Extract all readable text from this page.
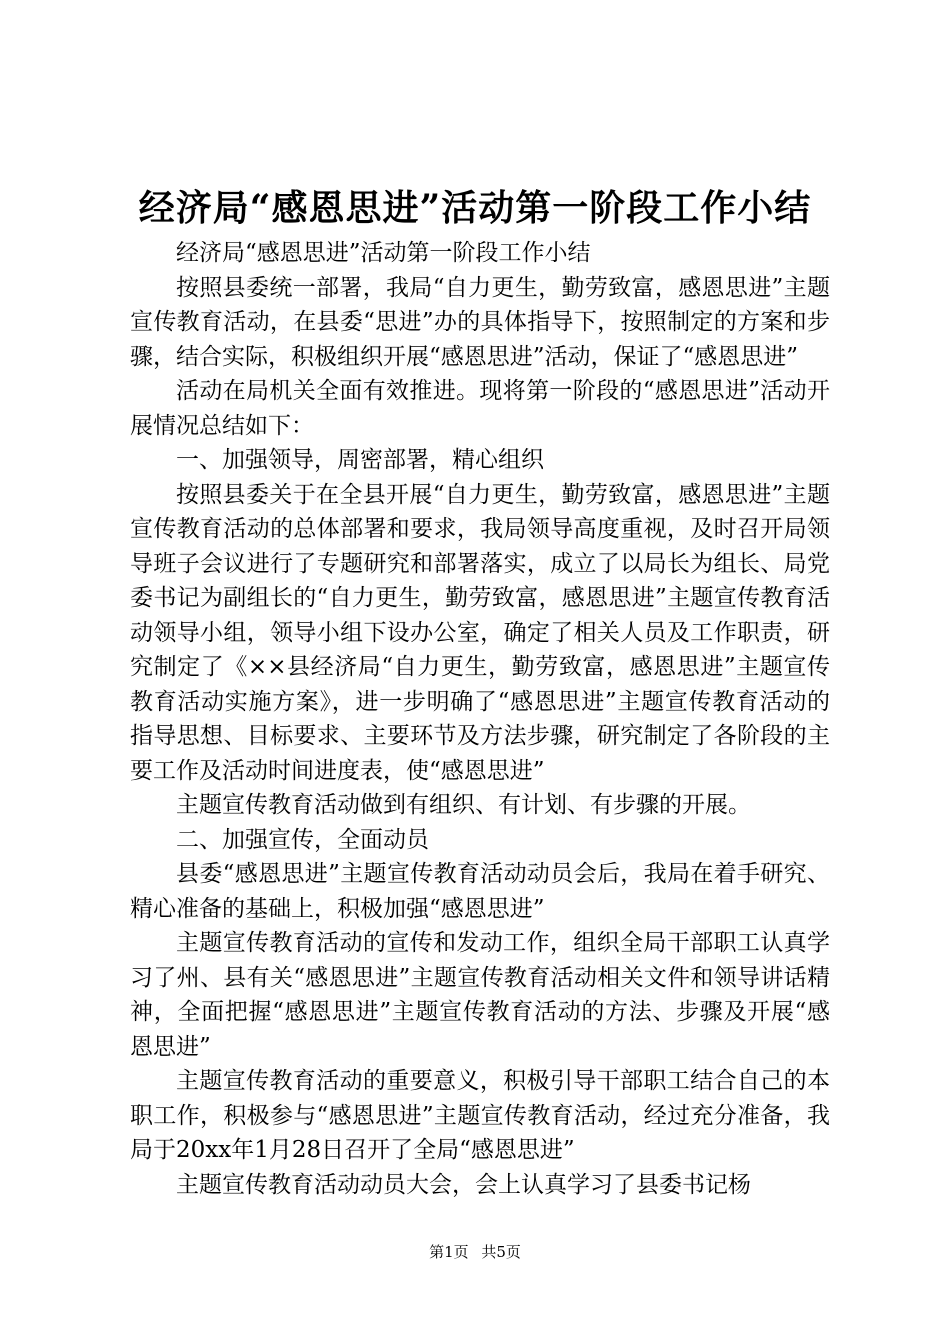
经济局“感恩思进”活动第一阶段工作小结

经济局“感恩思进”活动第一阶段工作小结

按照县委统一部署，我局“自力更生，勤劳致富，感恩思进”主题宣传教育活动，在县委“思进”办的具体指导下，按照制定的方案和步骤，结合实际，积极组织开展“感恩思进”活动，保证了“感恩思进”

活动在局机关全面有效推进。现将第一阶段的“感恩思进”活动开展情况总结如下：

一、加强领导，周密部署，精心组织

按照县委关于在全县开展“自力更生，勤劳致富，感恩思进”主题宣传教育活动的总体部署和要求，我局领导高度重视，及时召开局领导班子会议进行了专题研究和部署落实，成立了以局长为组长、局党委书记为副组长的“自力更生，勤劳致富，感恩思进”主题宣传教育活动领导小组，领导小组下设办公室，确定了相关人员及工作职责，研究制定了《××县经济局“自力更生，勤劳致富，感恩思进”主题宣传教育活动实施方案》，进一步明确了“感恩思进”主题宣传教育活动的指导思想、目标要求、主要环节及方法步骤，研究制定了各阶段的主要工作及活动时间进度表，使“感恩思进”

主题宣传教育活动做到有组织、有计划、有步骤的开展。

二、加强宣传，全面动员

县委“感恩思进”主题宣传教育活动动员会后，我局在着手研究、精心准备的基础上，积极加强“感恩思进”

主题宣传教育活动的宣传和发动工作，组织全局干部职工认真学习了州、县有关“感恩思进”主题宣传教育活动相关文件和领导讲话精神，全面把握“感恩思进”主题宣传教育活动的方法、步骤及开展“感恩思进”

主题宣传教育活动的重要意义，积极引导干部职工结合自己的本职工作，积极参与“感恩思进”主题宣传教育活动，经过充分准备，我局于20xx年1月28日召开了全局“感恩思进”

主题宣传教育活动动员大会，会上认真学习了县委书记杨

第1页 共5页
